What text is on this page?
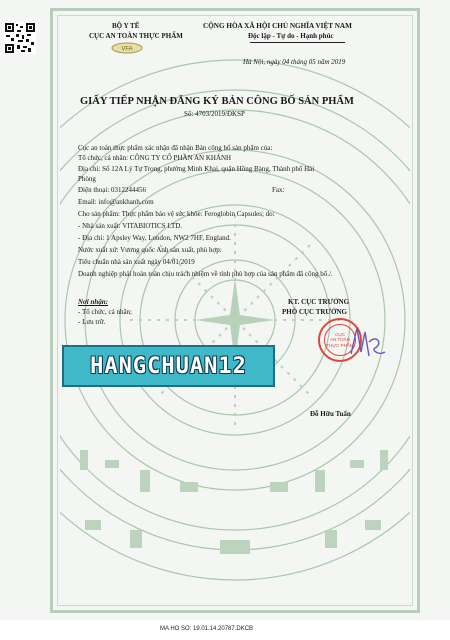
BỘ Y TẾ
CỤC AN TOÀN THỰC PHẨM
VFA
CỘNG HÒA XÃ HỘI CHỦ NGHĨA VIỆT NAM
Độc lập - Tự do - Hạnh phúc
Hà Nội, ngày 04 tháng 05 năm 2019
GIẤY TIẾP NHẬN ĐĂNG KÝ BẢN CÔNG BỐ SẢN PHẨM
Số: 4703/2019/ĐKSP
Cục an toàn thực phẩm xác nhận đã nhận Bản công bố sản phẩm của:
Tổ chức, cá nhân: CÔNG TY CỔ PHẦN AN KHÁNH
Địa chỉ: Số 12A Lý Tự Trọng, phường Minh Khai, quận Hồng Bàng, Thành phố Hải
Phòng
Điện thoại: 0312244456	Fax:
Email: info@ankhanh.com
Cho sản phẩm: Thực phẩm bảo vệ sức khỏe: Feroglobin Capsules; do:
- Nhà sản xuất: VITABIOTICS LTD.
- Địa chỉ: 1 Apsley Way, London, NW2 7HF, England.
Nước xuất xứ: Vương quốc Anh sản xuất, phù hợp:
Tiêu chuẩn nhà sản xuất ngày 04/01/2019
Doanh nghiệp phải hoàn toàn chịu trách nhiệm về tính phù hợp của sản phẩm đã công bố./.
Nơi nhận:
- Tổ chức, cá nhân;
- Lưu trữ.
KT. CỤC TRƯỞNG
PHÓ CỤC TRƯỞNG
CỤC
AN TOÀN
THỰC PHẨM
Đỗ Hữu Tuấn
HANGCHUAN12
MA HO SO: 19.01.14.20787.DKCB
